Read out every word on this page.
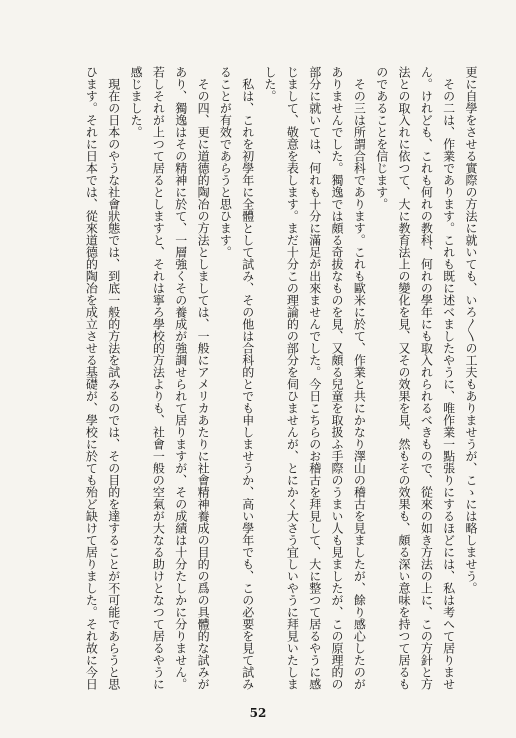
更に自學をさせる實際の方法に就いても、いろ〳〵の工夫もありませうが、こゝには略しませう。
その二は、作業であります。これも既に述べましたやうに、唯作業一點張りにするほどには、私は考へて居りませ
ん。けれども、これも何れの教科、何れの學年にも取入れられるべきもので、從來の如き方法の上に、この方針と方
法との取入れに依つて、大に教育法上の變化を見、又その效果を見、然もその效果も、頗る深い意味を持つて居るも
のであることを信じます。
その三は所謂合科であります。これも歐米に於て、作業と共にかなり澤山の稽古を見ましたが、餘り感心したのが
ありませんでした。獨逸では頗る奇拔なものを見、又頗る兒童を取扱ふ手際のうまい人も見ましたが、この原理的の
部分に就いては、何れも十分に滿足が出來ませんでした。今日こちらのお稽古を拜見して、大に整つて居るやうに感
じまして、敬意を表します。まだ十分この理論的の部分を伺ひませんが、とにかく大さう宜しいやうに拜見いたしま
した。
私は、これを初學年に全體として試み、その他は合科的とでも申しませうか、高い學年でも、この必要を見て試み
ることが有效であらうと思ひます。
その四、更に道德的陶冶の方法としましては、一般にアメリカあたりに社會精神養成の目的の爲の具體的な試みが
あり、獨逸はその精神に於て、一層強くその養成が強調せられて居りますが、その成績は十分たしかに分りません。
若しそれが上つて居るとしますと、それは寧ろ學校的方法よりも、社會一般の空氣が大なる助けとなつて居るやうに
感じました。
現在の日本のやうな社會狀態では、到底一般的方法を試みるのでは、その目的を達することが不可能であらうと思
ひます。それに日本では、從來道德的陶冶を成立させる基礎が、學校に於ても殆ど缺けて居りました。それ故に今日
52
